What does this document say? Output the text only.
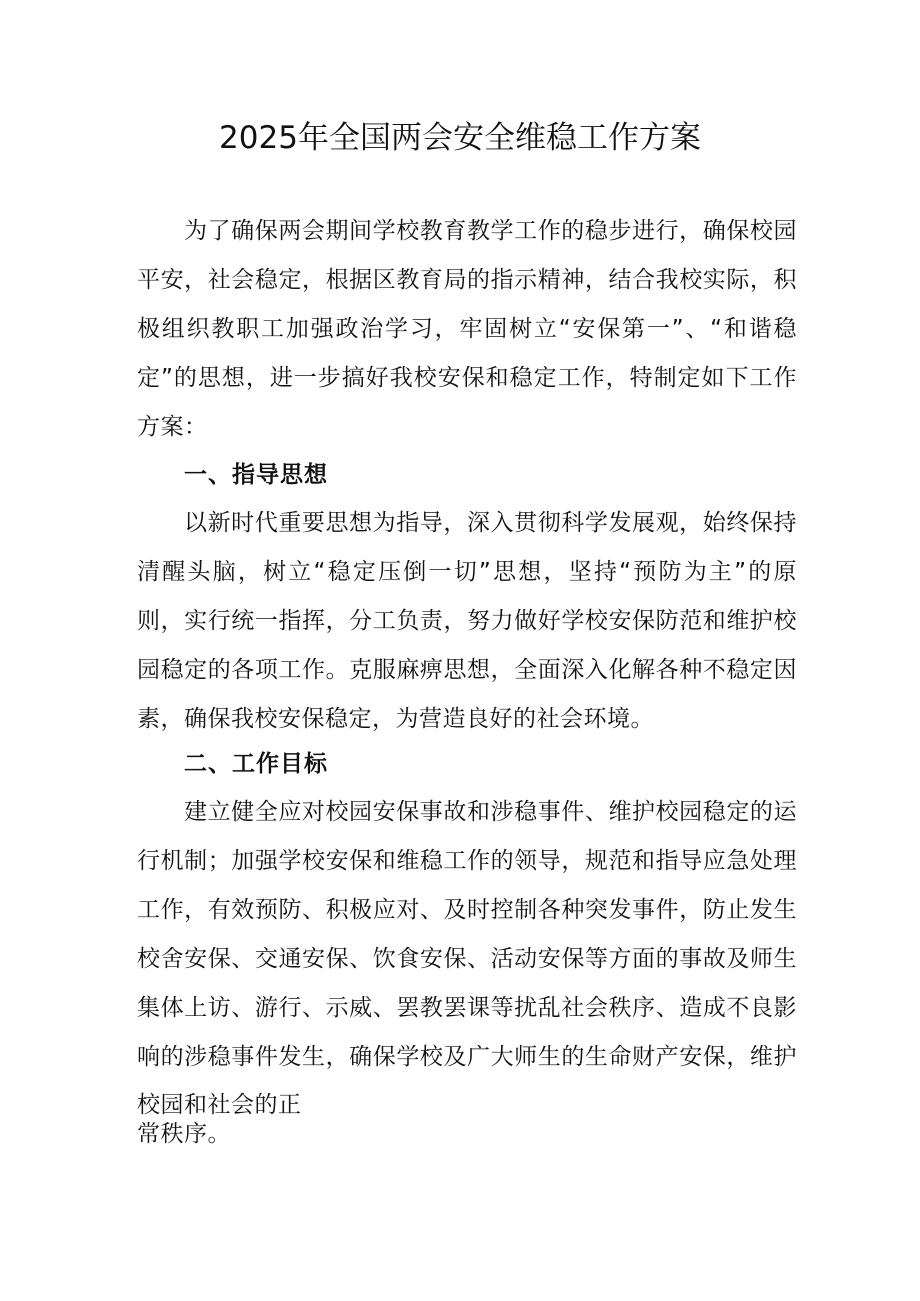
2025年全国两会安全维稳工作方案
为了确保两会期间学校教育教学工作的稳步进行，确保校园
平安，社会稳定，根据区教育局的指示精神，结合我校实际，积
极组织教职工加强政治学习，牢固树立“安保第一”、“和谐稳
定”的思想，进一步搞好我校安保和稳定工作，特制定如下工作
方案：
一、指导思想
以新时代重要思想为指导，深入贯彻科学发展观，始终保持
清醒头脑，树立“稳定压倒一切”思想，坚持“预防为主”的原
则，实行统一指挥，分工负责，努力做好学校安保防范和维护校
园稳定的各项工作。克服麻痹思想，全面深入化解各种不稳定因
素，确保我校安保稳定，为营造良好的社会环境。
二、工作目标
建立健全应对校园安保事故和涉稳事件、维护校园稳定的运
行机制；加强学校安保和维稳工作的领导，规范和指导应急处理
工作，有效预防、积极应对、及时控制各种突发事件，防止发生
校舍安保、交通安保、饮食安保、活动安保等方面的事故及师生
集体上访、游行、示威、罢教罢课等扰乱社会秩序、造成不良影
响的涉稳事件发生，确保学校及广大师生的生命财产安保，维护
校园和社会的正
常秩序。
